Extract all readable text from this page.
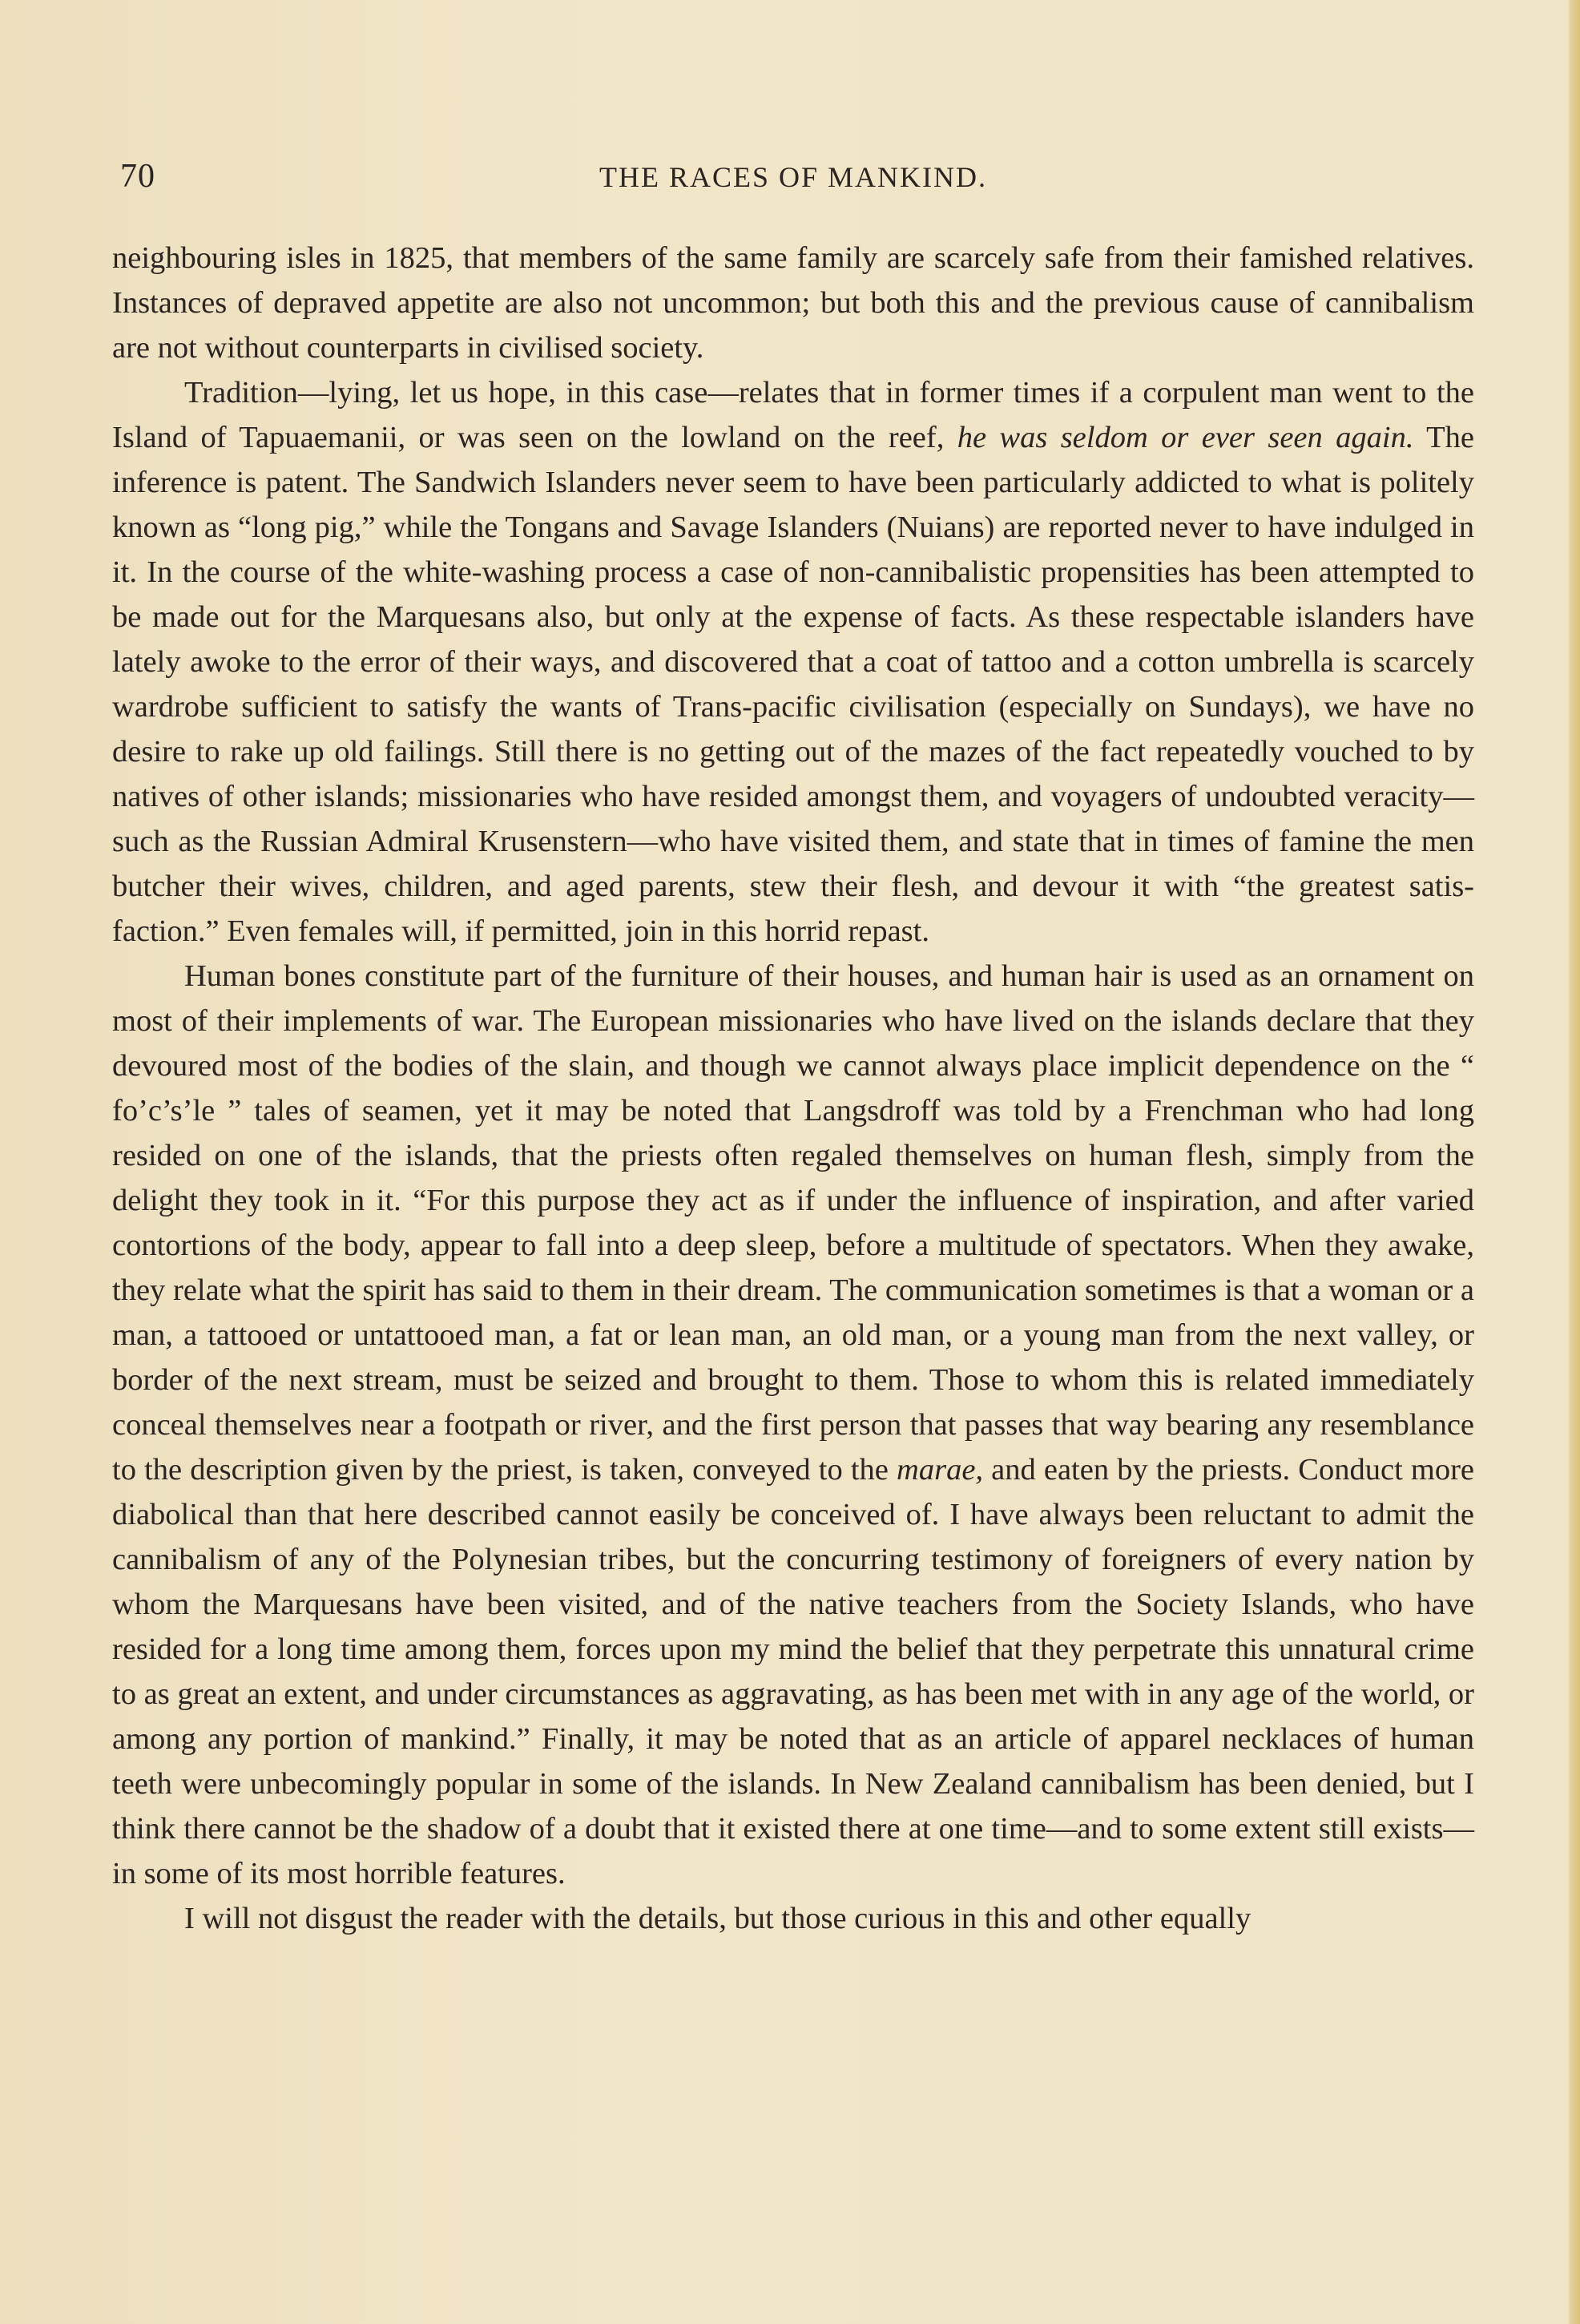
70	THE RACES OF MANKIND.

neighbouring isles in 1825, that members of the same family are scarcely safe from their famished relatives. Instances of depraved appetite are also not uncommon; but both this and the previous cause of cannibalism are not without counterparts in civilised society.

Tradition—lying, let us hope, in this case—relates that in former times if a corpulent man went to the Island of Tapuaemanii, or was seen on the lowland on the reef, he was seldom or ever seen again. The inference is patent. The Sandwich Islanders never seem to have been particularly addicted to what is politely known as “long pig,” while the Tongans and Savage Islanders (Nuians) are reported never to have indulged in it. In the course of the white-washing process a case of non-cannibalistic propensities has been attempted to be made out for the Marquesans also, but only at the expense of facts. As these respectable islanders have lately awoke to the error of their ways, and discovered that a coat of tattoo and a cotton umbrella is scarcely wardrobe sufficient to satisfy the wants of Trans-pacific civilisation (especially on Sundays), we have no desire to rake up old failings. Still there is no getting out of the mazes of the fact repeatedly vouched to by natives of other islands; missionaries who have resided amongst them, and voyagers of undoubted veracity—such as the Russian Admiral Krusenstern—who have visited them, and state that in times of famine the men butcher their wives, children, and aged parents, stew their flesh, and devour it with “the greatest satis-faction.” Even females will, if permitted, join in this horrid repast.

Human bones constitute part of the furniture of their houses, and human hair is used as an ornament on most of their implements of war. The European missionaries who have lived on the islands declare that they devoured most of the bodies of the slain, and though we cannot always place implicit dependence on the “ fo’c’s’le ” tales of seamen, yet it may be noted that Langsdroff was told by a Frenchman who had long resided on one of the islands, that the priests often regaled themselves on human flesh, simply from the delight they took in it. “For this purpose they act as if under the influence of inspiration, and after varied contortions of the body, appear to fall into a deep sleep, before a multitude of spectators. When they awake, they relate what the spirit has said to them in their dream. The communication sometimes is that a woman or a man, a tattooed or untattooed man, a fat or lean man, an old man, or a young man from the next valley, or border of the next stream, must be seized and brought to them. Those to whom this is related immediately conceal themselves near a footpath or river, and the first person that passes that way bearing any resemblance to the description given by the priest, is taken, conveyed to the marae, and eaten by the priests. Conduct more diabolical than that here described cannot easily be conceived of. I have always been reluctant to admit the cannibalism of any of the Polynesian tribes, but the concurring testimony of foreigners of every nation by whom the Marquesans have been visited, and of the native teachers from the Society Islands, who have resided for a long time among them, forces upon my mind the belief that they perpetrate this unnatural crime to as great an extent, and under circumstances as aggravating, as has been met with in any age of the world, or among any portion of mankind.” Finally, it may be noted that as an article of apparel necklaces of human teeth were unbecomingly popular in some of the islands. In New Zealand cannibalism has been denied, but I think there cannot be the shadow of a doubt that it existed there at one time—and to some extent still exists—in some of its most horrible features.

I will not disgust the reader with the details, but those curious in this and other equally
